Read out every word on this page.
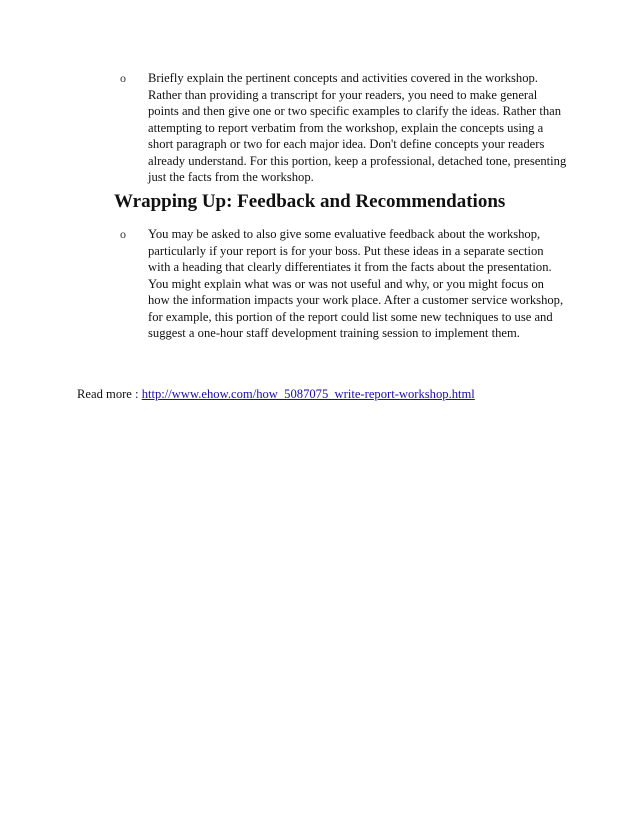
o	Briefly explain the pertinent concepts and activities covered in the workshop. Rather than providing a transcript for your readers, you need to make general points and then give one or two specific examples to clarify the ideas. Rather than attempting to report verbatim from the workshop, explain the concepts using a short paragraph or two for each major idea. Don't define concepts your readers already understand. For this portion, keep a professional, detached tone, presenting just the facts from the workshop.
Wrapping Up: Feedback and Recommendations
o	You may be asked to also give some evaluative feedback about the workshop, particularly if your report is for your boss. Put these ideas in a separate section with a heading that clearly differentiates it from the facts about the presentation. You might explain what was or was not useful and why, or you might focus on how the information impacts your work place. After a customer service workshop, for example, this portion of the report could list some new techniques to use and suggest a one-hour staff development training session to implement them.
Read more : http://www.ehow.com/how_5087075_write-report-workshop.html
